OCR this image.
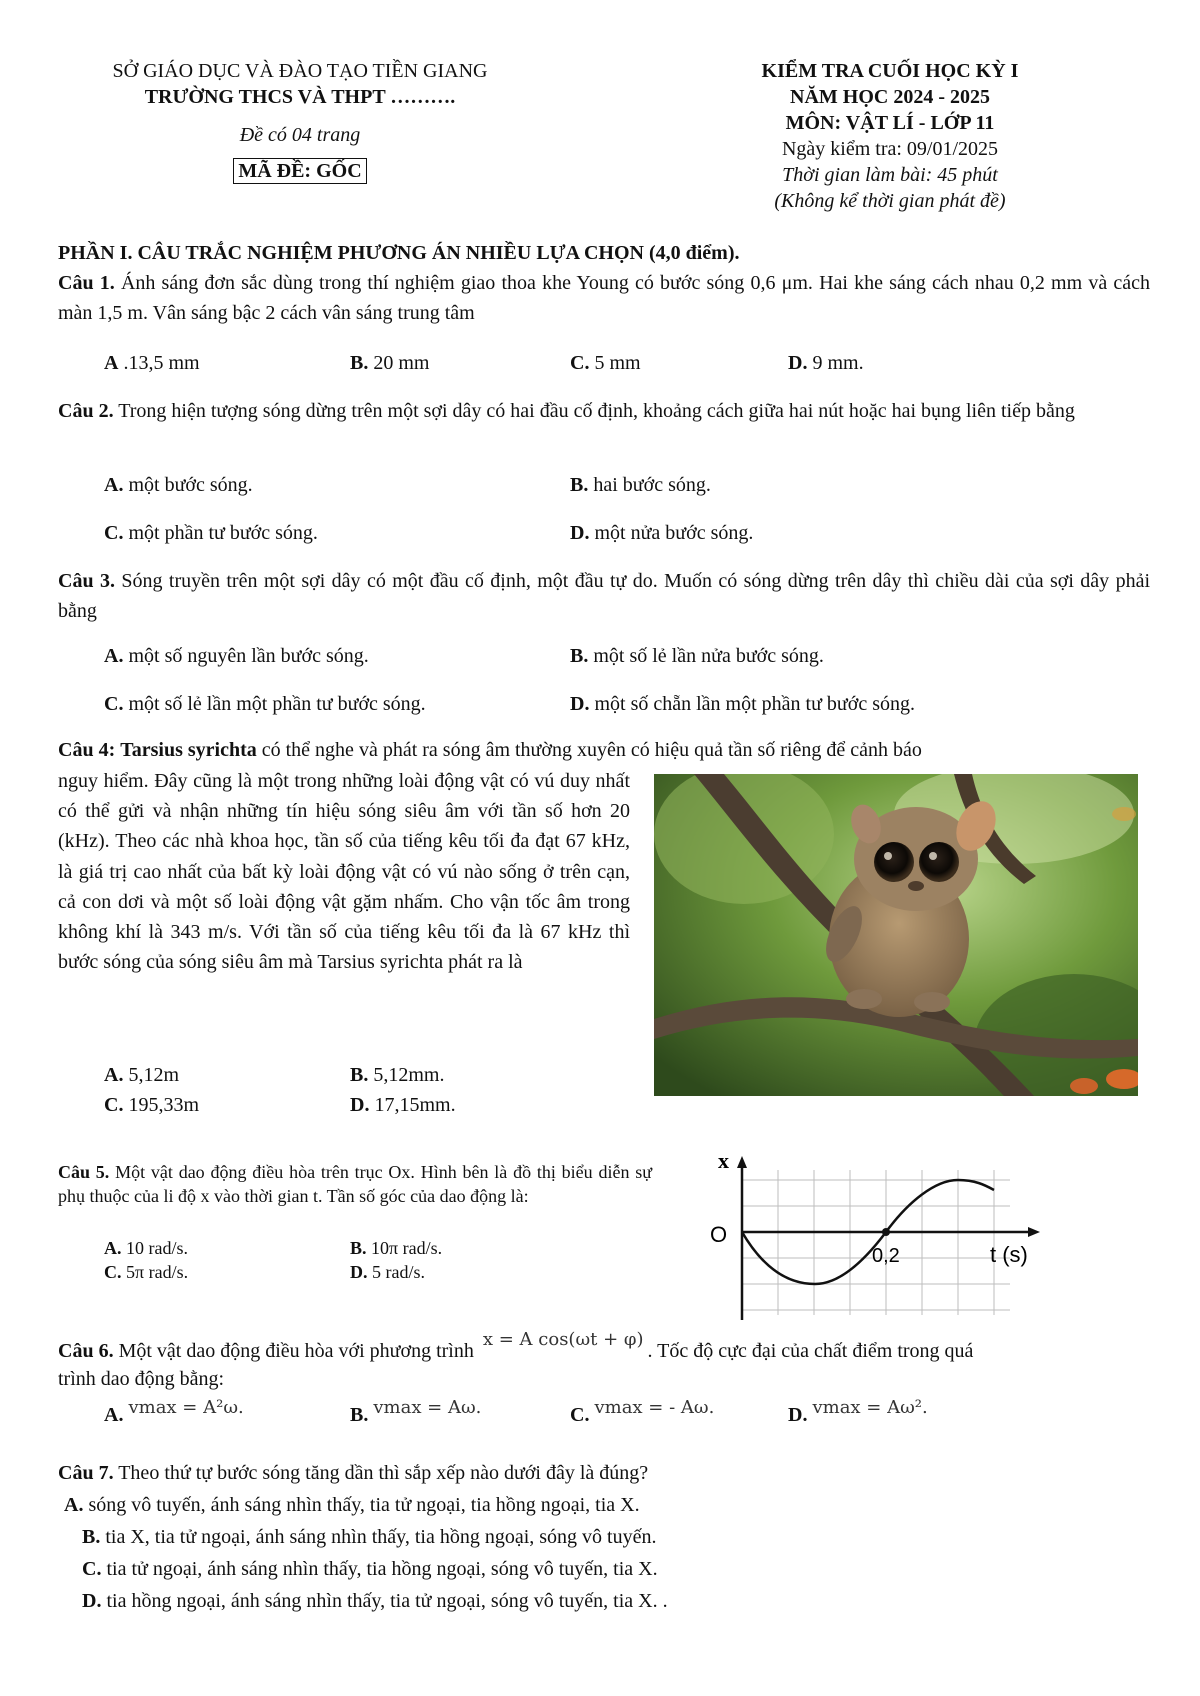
SỞ GIÁO DỤC VÀ ĐÀO TẠO TIỀN GIANG
TRƯỜNG THCS VÀ THPT ……….
Đề có 04 trang
MÃ ĐỀ: GỐC
KIỂM TRA CUỐI HỌC KỲ I
NĂM HỌC 2024 - 2025
MÔN: VẬT LÍ - LỚP 11
Ngày kiểm tra: 09/01/2025
Thời gian làm bài: 45 phút
(Không kể thời gian phát đề)
PHẦN I. CÂU TRẮC NGHIỆM PHƯƠNG ÁN NHIỀU LỰA CHỌN (4,0 điểm).
Câu 1. Ánh sáng đơn sắc dùng trong thí nghiệm giao thoa khe Young có bước sóng 0,6 μm. Hai khe sáng cách nhau 0,2 mm và cách màn 1,5 m. Vân sáng bậc 2 cách vân sáng trung tâm
A .13,5 mm	B. 20 mm	C. 5 mm	D. 9 mm.
Câu 2. Trong hiện tượng sóng dừng trên một sợi dây có hai đầu cố định, khoảng cách giữa hai nút hoặc hai bụng liên tiếp bằng
A. một bước sóng.	B. hai bước sóng.
C. một phần tư bước sóng.	D. một nửa bước sóng.
Câu 3. Sóng truyền trên một sợi dây có một đầu cố định, một đầu tự do. Muốn có sóng dừng trên dây thì chiều dài của sợi dây phải bằng
A. một số nguyên lần bước sóng.	B. một số lẻ lần nửa bước sóng.
C. một số lẻ lần một phần tư bước sóng.	D. một số chẵn lần một phần tư bước sóng.
Câu 4: Tarsius syrichta có thể nghe và phát ra sóng âm thường xuyên có hiệu quả tần số riêng để cảnh báo
nguy hiểm. Đây cũng là một trong những loài động vật có vú duy nhất có thể gửi và nhận những tín hiệu sóng siêu âm với tần số hơn 20 (kHz). Theo các nhà khoa học, tần số của tiếng kêu tối đa đạt 67 kHz, là giá trị cao nhất của bất kỳ loài động vật có vú nào sống ở trên cạn, cả con dơi và một số loài động vật gặm nhấm. Cho vận tốc âm trong không khí là 343 m/s. Với tần số của tiếng kêu tối đa là 67 kHz thì bước sóng của sóng siêu âm mà Tarsius syrichta phát ra là
A. 5,12m	B. 5,12mm.
C. 195,33m	D. 17,15mm.
Câu 5. Một vật dao động điều hòa trên trục Ox. Hình bên là đồ thị biểu diễn sự phụ thuộc của li độ x vào thời gian t. Tần số góc của dao động là:
A. 10 rad/s.	B. 10π rad/s.
C. 5π rad/s.	D. 5 rad/s.
x
O
0,2	t (s)
Câu 6. Một vật dao động điều hòa với phương trình x = A cos(ωt + φ). Tốc độ cực đại của chất điểm trong quá
trình dao động bằng:
A. vmax = A²ω.	B. vmax = Aω.	C. vmax = - Aω.	D. vmax = Aω².
Câu 7. Theo thứ tự bước sóng tăng dần thì sắp xếp nào dưới đây là đúng?
A. sóng vô tuyến, ánh sáng nhìn thấy, tia tử ngoại, tia hồng ngoại, tia X.
B. tia X, tia tử ngoại, ánh sáng nhìn thấy, tia hồng ngoại, sóng vô tuyến.
C. tia tử ngoại, ánh sáng nhìn thấy, tia hồng ngoại, sóng vô tuyến, tia X.
D. tia hồng ngoại, ánh sáng nhìn thấy, tia tử ngoại, sóng vô tuyến, tia X. .
